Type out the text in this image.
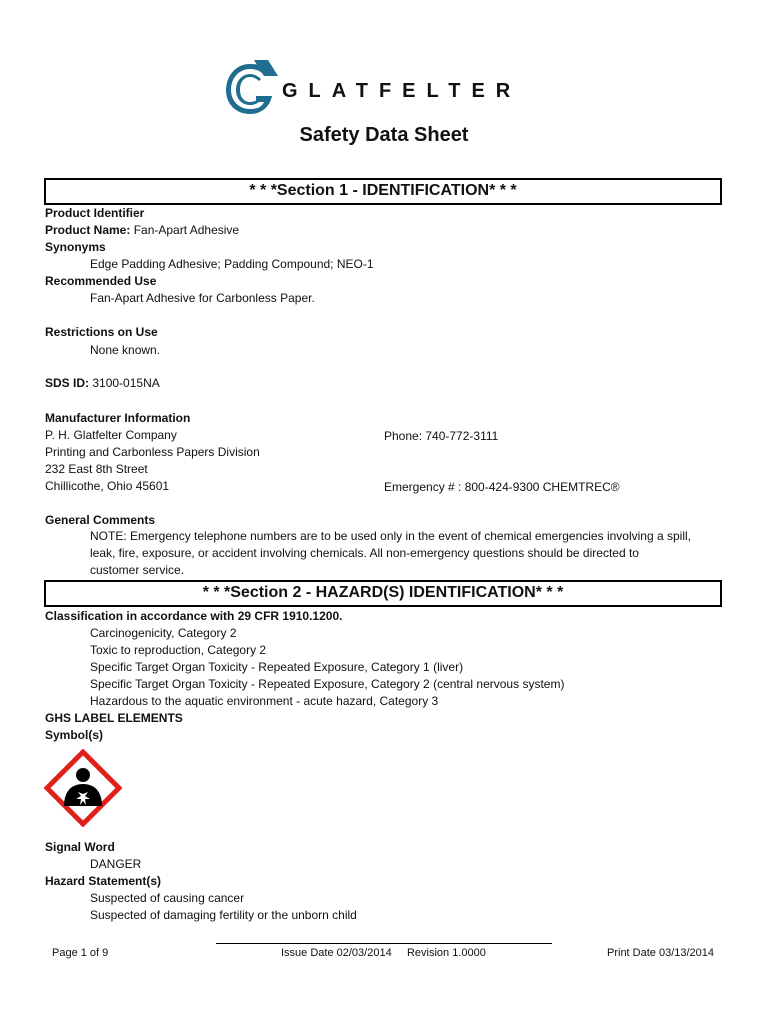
GLATFELTER
Safety Data Sheet
* * *Section 1 - IDENTIFICATION* * *
Product Identifier
Product Name: Fan-Apart Adhesive
Synonyms
Edge Padding Adhesive; Padding Compound; NEO-1
Recommended Use
Fan-Apart Adhesive for Carbonless Paper.
Restrictions on Use
None known.
SDS ID: 3100-015NA
Manufacturer Information
P. H. Glatfelter Company
Printing and Carbonless Papers Division
232 East 8th Street
Chillicothe, Ohio 45601
Phone: 740-772-3111
Emergency # : 800-424-9300 CHEMTREC®
General Comments
NOTE: Emergency telephone numbers are to be used only in the event of chemical emergencies involving a spill,
leak, fire, exposure, or accident involving chemicals. All non-emergency questions should be directed to
customer service.
* * *Section 2 - HAZARD(S) IDENTIFICATION* * *
Classification in accordance with 29 CFR 1910.1200.
Carcinogenicity, Category 2
Toxic to reproduction, Category 2
Specific Target Organ Toxicity - Repeated Exposure, Category 1 (liver)
Specific Target Organ Toxicity - Repeated Exposure, Category 2 (central nervous system)
Hazardous to the aquatic environment - acute hazard, Category 3
GHS LABEL ELEMENTS
Symbol(s)
Signal Word
DANGER
Hazard Statement(s)
Suspected of causing cancer
Suspected of damaging fertility or the unborn child
Page 1 of 9	Issue Date 02/03/2014     Revision 1.0000	Print Date 03/13/2014
